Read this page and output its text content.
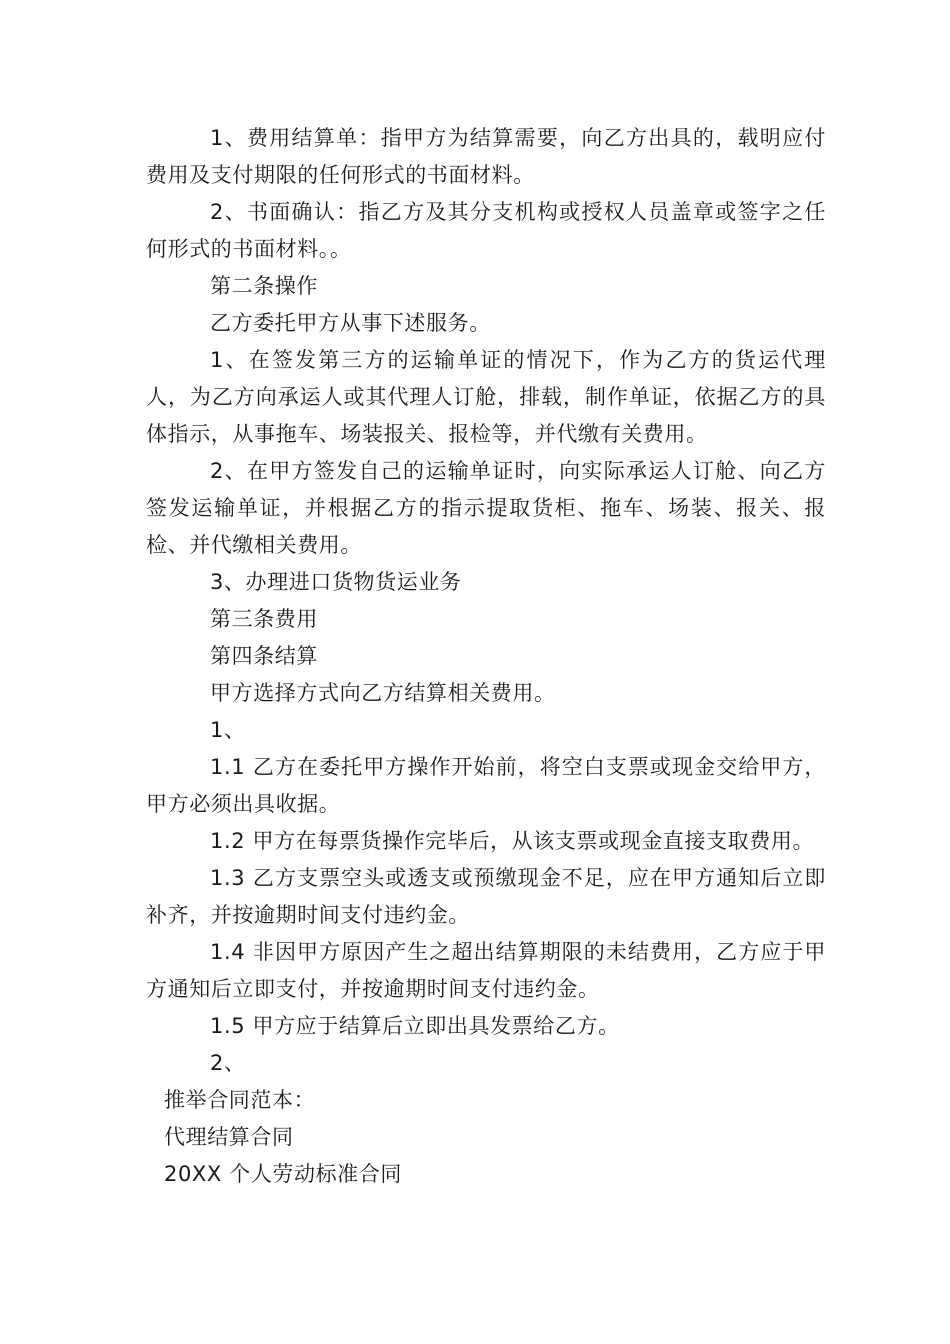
1、费用结算单：指甲方为结算需要，向乙方出具的，载明应付费用及支付期限的任何形式的书面材料。

2、书面确认：指乙方及其分支机构或授权人员盖章或签字之任何形式的书面材料。。

第二条操作

乙方委托甲方从事下述服务。

1、在签发第三方的运输单证的情况下，作为乙方的货运代理人，为乙方向承运人或其代理人订舱，排载，制作单证，依据乙方的具体指示，从事拖车、场装报关、报检等，并代缴有关费用。

2、在甲方签发自己的运输单证时，向实际承运人订舱、向乙方签发运输单证，并根据乙方的指示提取货柜、拖车、场装、报关、报检、并代缴相关费用。

3、办理进口货物货运业务

第三条费用

第四条结算

甲方选择方式向乙方结算相关费用。

1、

1.1 乙方在委托甲方操作开始前，将空白支票或现金交给甲方，甲方必须出具收据。

1.2 甲方在每票货操作完毕后，从该支票或现金直接支取费用。

1.3 乙方支票空头或透支或预缴现金不足，应在甲方通知后立即补齐，并按逾期时间支付违约金。

1.4 非因甲方原因产生之超出结算期限的未结费用，乙方应于甲方通知后立即支付，并按逾期时间支付违约金。

1.5 甲方应于结算后立即出具发票给乙方。

2、

推举合同范本：

代理结算合同

20XX 个人劳动标准合同
